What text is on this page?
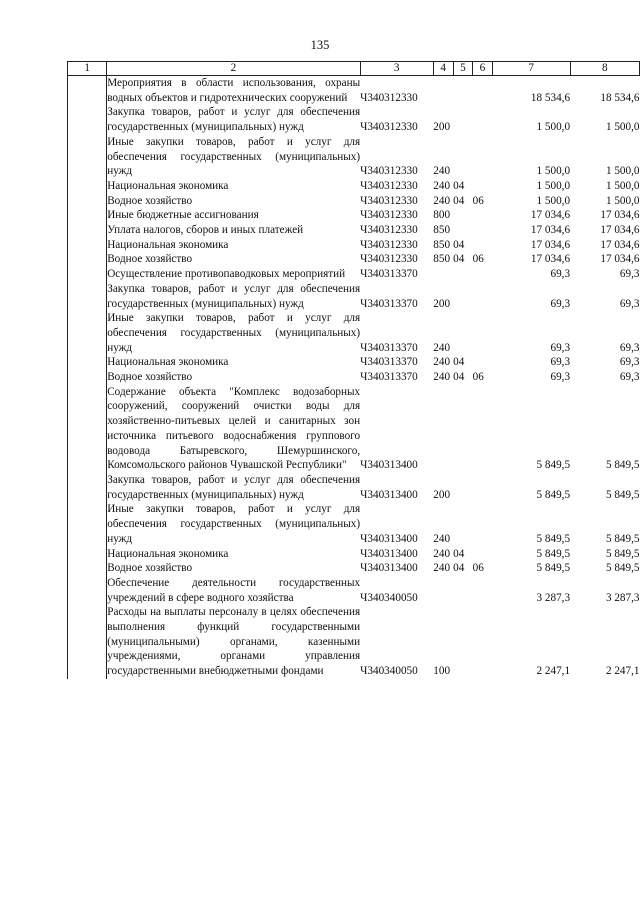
135
1	2	3	4	5	6	7	8
	Мероприятия в области использования, охраны водных объектов и гидротехнических сооружений	Ч340312330				18 534,6	18 534,6
	Закупка товаров, работ и услуг для обеспечения государственных (муниципальных) нужд	Ч340312330	200			1 500,0	1 500,0
	Иные закупки товаров, работ и услуг для обеспечения государственных (муниципальных) нужд	Ч340312330	240			1 500,0	1 500,0
	Национальная экономика	Ч340312330	240	04		1 500,0	1 500,0
	Водное хозяйство	Ч340312330	240	04	06	1 500,0	1 500,0
	Иные бюджетные ассигнования	Ч340312330	800			17 034,6	17 034,6
	Уплата налогов, сборов и иных платежей	Ч340312330	850			17 034,6	17 034,6
	Национальная экономика	Ч340312330	850	04		17 034,6	17 034,6
	Водное хозяйство	Ч340312330	850	04	06	17 034,6	17 034,6
	Осуществление противопаводковых мероприятий	Ч340313370				69,3	69,3
	Закупка товаров, работ и услуг для обеспечения государственных (муниципальных) нужд	Ч340313370	200			69,3	69,3
	Иные закупки товаров, работ и услуг для обеспечения государственных (муниципальных) нужд	Ч340313370	240			69,3	69,3
	Национальная экономика	Ч340313370	240	04		69,3	69,3
	Водное хозяйство	Ч340313370	240	04	06	69,3	69,3
	Содержание объекта "Комплекс водозаборных сооружений, сооружений очистки воды для хозяйственно-питьевых целей и санитарных зон источника питьевого водоснабжения группового водовода Батыревского, Шемуршинского, Комсомольского районов Чувашской Республики"	Ч340313400				5 849,5	5 849,5
	Закупка товаров, работ и услуг для обеспечения государственных (муниципальных) нужд	Ч340313400	200			5 849,5	5 849,5
	Иные закупки товаров, работ и услуг для обеспечения государственных (муниципальных) нужд	Ч340313400	240			5 849,5	5 849,5
	Национальная экономика	Ч340313400	240	04		5 849,5	5 849,5
	Водное хозяйство	Ч340313400	240	04	06	5 849,5	5 849,5
	Обеспечение деятельности государственных учреждений в сфере водного хозяйства	Ч340340050				3 287,3	3 287,3
	Расходы на выплаты персоналу в целях обеспечения выполнения функций государственными (муниципальными) органами, казенными учреждениями, органами управления государственными внебюджетными фондами	Ч340340050	100			2 247,1	2 247,1
